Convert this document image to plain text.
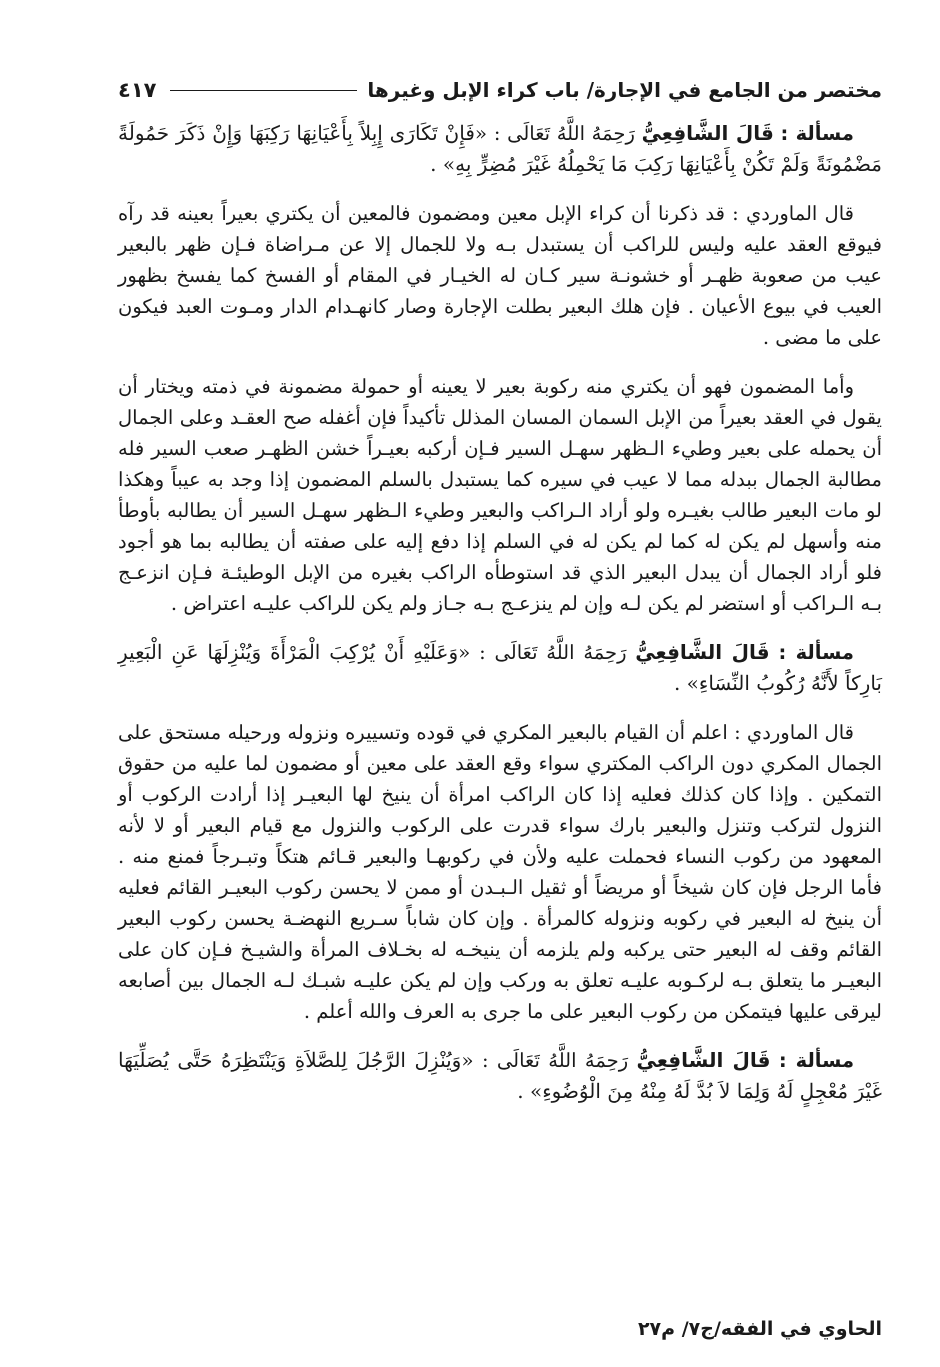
مختصر من الجامع في الإجارة/ باب كراء الإبل وغيرها
٤١٧

مسألة : قَالَ الشَّافِعِيُّ رَحِمَهُ اللَّهُ تَعَالَى : «فَإِنْ تَكَارَى إِبِلاً بِأَعْيَانِهَا رَكِبَهَا وَإِنْ ذَكَرَ حَمُولَةً مَضْمُونَةً وَلَمْ تَكُنْ بِأَعْيَانِهَا رَكِبَ مَا يَحْمِلُهُ غَيْرَ مُضِرٍّ بِهِ» .

قال الماوردي : قد ذكرنا أن كراء الإبل معين ومضمون فالمعين أن يكتري بعيراً بعينه قد رآه فيوقع العقد عليه وليس للراكب أن يستبدل بـه ولا للجمال إلا عن مـراضاة فـإن ظهر بالبعير عيب من صعوبة ظهـر أو خشونـة سير كـان له الخيـار في المقام أو الفسخ كما يفسخ بظهور العيب في بيوع الأعيان . فإن هلك البعير بطلت الإجارة وصار كانهـدام الدار ومـوت العبد فيكون على ما مضى .

وأما المضمون فهو أن يكتري منه ركوبة بعير لا يعينه أو حمولة مضمونة في ذمته ويختار أن يقول في العقد بعيراً من الإبل السمان المسان المذلل تأكيداً فإن أغفله صح العقـد وعلى الجمال أن يحمله على بعير وطيء الـظهر سهـل السير فـإن أركبه بعيـراً خشن الظهـر صعب السير فله مطالبة الجمال ببدله مما لا عيب في سيره كما يستبدل بالسلم المضمون إذا وجد به عيباً وهكذا لو مات البعير طالب بغيـره ولو أراد الـراكب والبعير وطيء الـظهر سهـل السير أن يطالبه بأوطأ منه وأسهل لم يكن له كما لم يكن له في السلم إذا دفع إليه على صفته أن يطالبه بما هو أجود فلو أراد الجمال أن يبدل البعير الذي قد استوطأه الراكب بغيره من الإبل الوطيئـة فـإن انزعـج بـه الـراكب أو استضر لم يكن لـه وإن لم ينزعـج بـه جـاز ولم يكن للراكب عليـه اعتراض .

مسألة : قَالَ الشَّافِعِيُّ رَحِمَهُ اللَّهُ تَعَالَى : «وَعَلَيْهِ أَنْ يُرْكِبَ الْمَرْأَةَ وَيُنْزِلَهَا عَنِ الْبَعِيرِ بَارِكاً لأَنَّهُ رُكُوبُ النِّسَاءِ» .

قال الماوردي : اعلم أن القيام بالبعير المكري في قوده وتسييره ونزوله ورحيله مستحق على الجمال المكري دون الراكب المكتري سواء وقع العقد على معين أو مضمون لما عليه من حقوق التمكين . وإذا كان كذلك فعليه إذا كان الراكب امرأة أن ينيخ لها البعيـر إذا أرادت الركوب أو النزول لتركب وتنزل والبعير بارك سواء قدرت على الركوب والنزول مع قيام البعير أو لا لأنه المعهود من ركوب النساء فحملت عليه ولأن في ركوبهـا والبعير قـائم هتكاً وتبـرجاً فمنع منه . فأما الرجل فإن كان شيخاً أو مريضاً أو ثقيل الـبـدن أو ممن لا يحسن ركوب البعيـر القائم فعليه أن ينيخ له البعير في ركوبه ونزوله كالمرأة . وإن كان شاباً سـريع النهضـة يحسن ركوب البعير القائم وقف له البعير حتى يركبه ولم يلزمه أن ينيخـه له بخـلاف المرأة والشيـخ فـإن كان على البعيـر ما يتعلق بـه لركـوبه عليـه تعلق به وركب وإن لم يكن عليـه شبـك لـه الجمال بين أصابعه ليرقى عليها فيتمكن من ركوب البعير على ما جرى به العرف والله أعلم .

مسألة : قَالَ الشَّافِعِيُّ رَحِمَهُ اللَّهُ تَعَالَى : «وَيُنْزِلَ الرَّجُلَ لِلصَّلاَةِ وَيَنْتَظِرَهُ حَتَّى يُصَلِّيَهَا غَيْرَ مُعْجِلٍ لَهُ وَلِمَا لاَ بُدَّ لَهُ مِنْهُ مِنَ الْوُضُوءِ» .

الحاوي في الفقه/ج٧/ م٢٧
